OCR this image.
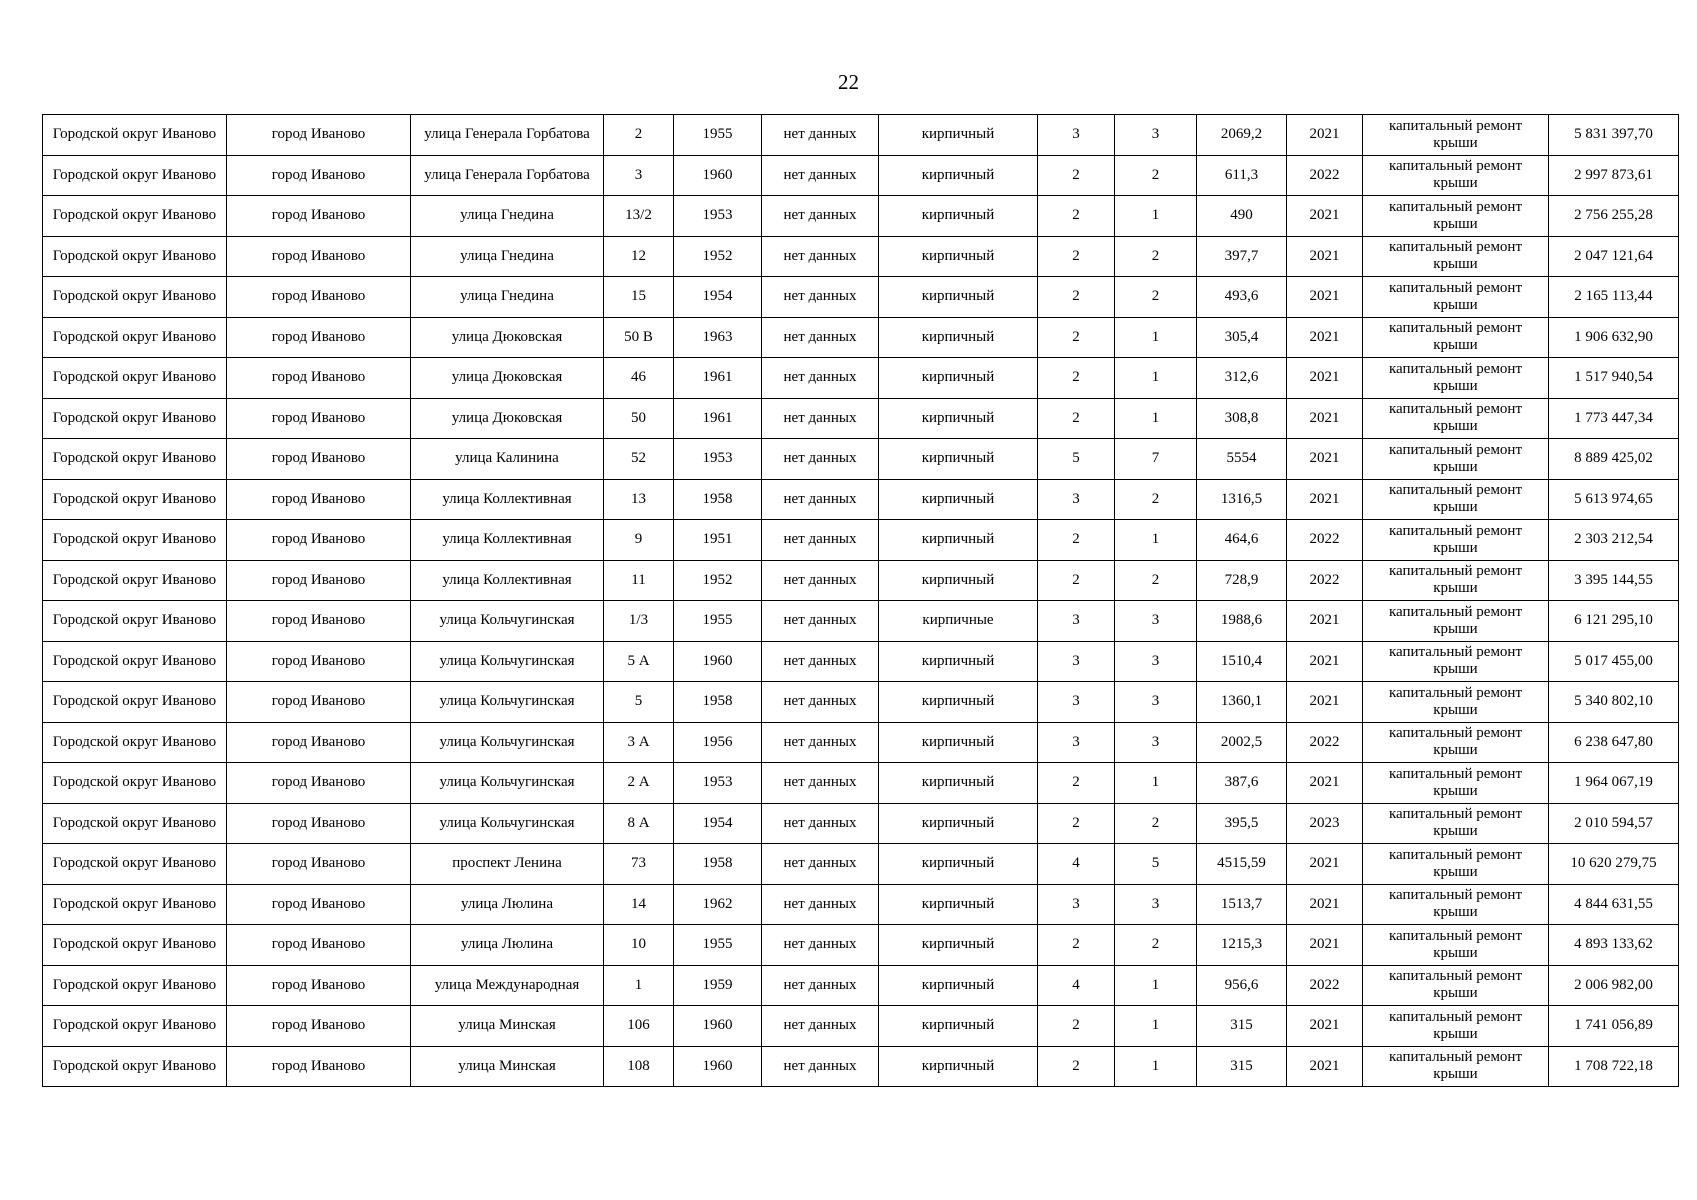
22
Городской округ Иваново	город Иваново	улица Генерала Горбатова	2	1955	нет данных	кирпичный	3	3	2069,2	2021	капитальный ремонт крыши	5 831 397,70
Городской округ Иваново	город Иваново	улица Генерала Горбатова	3	1960	нет данных	кирпичный	2	2	611,3	2022	капитальный ремонт крыши	2 997 873,61
Городской округ Иваново	город Иваново	улица Гнедина	13/2	1953	нет данных	кирпичный	2	1	490	2021	капитальный ремонт крыши	2 756 255,28
Городской округ Иваново	город Иваново	улица Гнедина	12	1952	нет данных	кирпичный	2	2	397,7	2021	капитальный ремонт крыши	2 047 121,64
Городской округ Иваново	город Иваново	улица Гнедина	15	1954	нет данных	кирпичный	2	2	493,6	2021	капитальный ремонт крыши	2 165 113,44
Городской округ Иваново	город Иваново	улица Дюковская	50 В	1963	нет данных	кирпичный	2	1	305,4	2021	капитальный ремонт крыши	1 906 632,90
Городской округ Иваново	город Иваново	улица Дюковская	46	1961	нет данных	кирпичный	2	1	312,6	2021	капитальный ремонт крыши	1 517 940,54
Городской округ Иваново	город Иваново	улица Дюковская	50	1961	нет данных	кирпичный	2	1	308,8	2021	капитальный ремонт крыши	1 773 447,34
Городской округ Иваново	город Иваново	улица Калинина	52	1953	нет данных	кирпичный	5	7	5554	2021	капитальный ремонт крыши	8 889 425,02
Городской округ Иваново	город Иваново	улица Коллективная	13	1958	нет данных	кирпичный	3	2	1316,5	2021	капитальный ремонт крыши	5 613 974,65
Городской округ Иваново	город Иваново	улица Коллективная	9	1951	нет данных	кирпичный	2	1	464,6	2022	капитальный ремонт крыши	2 303 212,54
Городской округ Иваново	город Иваново	улица Коллективная	11	1952	нет данных	кирпичный	2	2	728,9	2022	капитальный ремонт крыши	3 395 144,55
Городской округ Иваново	город Иваново	улица Кольчугинская	1/3	1955	нет данных	кирпичные	3	3	1988,6	2021	капитальный ремонт крыши	6 121 295,10
Городской округ Иваново	город Иваново	улица Кольчугинская	5 А	1960	нет данных	кирпичный	3	3	1510,4	2021	капитальный ремонт крыши	5 017 455,00
Городской округ Иваново	город Иваново	улица Кольчугинская	5	1958	нет данных	кирпичный	3	3	1360,1	2021	капитальный ремонт крыши	5 340 802,10
Городской округ Иваново	город Иваново	улица Кольчугинская	3 А	1956	нет данных	кирпичный	3	3	2002,5	2022	капитальный ремонт крыши	6 238 647,80
Городской округ Иваново	город Иваново	улица Кольчугинская	2 А	1953	нет данных	кирпичный	2	1	387,6	2021	капитальный ремонт крыши	1 964 067,19
Городской округ Иваново	город Иваново	улица Кольчугинская	8 А	1954	нет данных	кирпичный	2	2	395,5	2023	капитальный ремонт крыши	2 010 594,57
Городской округ Иваново	город Иваново	проспект Ленина	73	1958	нет данных	кирпичный	4	5	4515,59	2021	капитальный ремонт крыши	10 620 279,75
Городской округ Иваново	город Иваново	улица Люлина	14	1962	нет данных	кирпичный	3	3	1513,7	2021	капитальный ремонт крыши	4 844 631,55
Городской округ Иваново	город Иваново	улица Люлина	10	1955	нет данных	кирпичный	2	2	1215,3	2021	капитальный ремонт крыши	4 893 133,62
Городской округ Иваново	город Иваново	улица Международная	1	1959	нет данных	кирпичный	4	1	956,6	2022	капитальный ремонт крыши	2 006 982,00
Городской округ Иваново	город Иваново	улица Минская	106	1960	нет данных	кирпичный	2	1	315	2021	капитальный ремонт крыши	1 741 056,89
Городской округ Иваново	город Иваново	улица Минская	108	1960	нет данных	кирпичный	2	1	315	2021	капитальный ремонт крыши	1 708 722,18
